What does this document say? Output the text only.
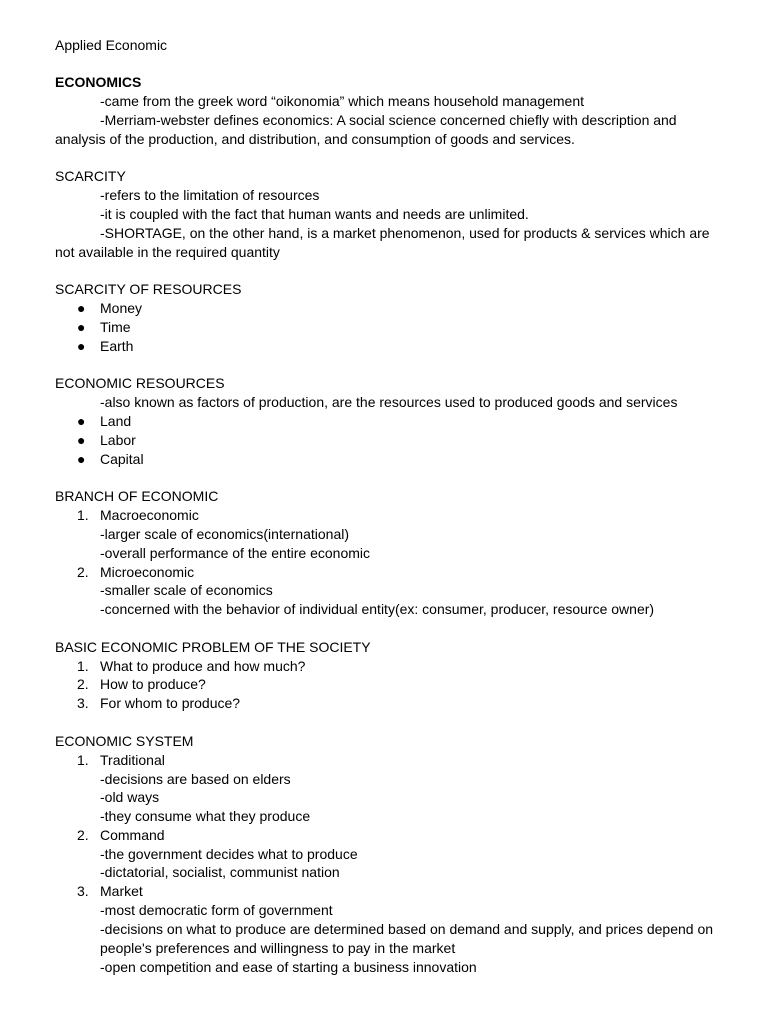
Applied Economic
ECONOMICS
-came from the greek word “oikonomia” which means household management
-Merriam-webster defines economics: A social science concerned chiefly with description and
analysis of the production, and distribution, and consumption of goods and services.
SCARCITY
-refers to the limitation of resources
-it is coupled with the fact that human wants and needs are unlimited.
-SHORTAGE, on the other hand, is a market phenomenon, used for products & services which are
not available in the required quantity
SCARCITY OF RESOURCES
● Money
● Time
● Earth
ECONOMIC RESOURCES
-also known as factors of production, are the resources used to produced goods and services
● Land
● Labor
● Capital
BRANCH OF ECONOMIC
1. Macroeconomic
-larger scale of economics(international)
-overall performance of the entire economic
2. Microeconomic
-smaller scale of economics
-concerned with the behavior of individual entity(ex: consumer, producer, resource owner)
BASIC ECONOMIC PROBLEM OF THE SOCIETY
1. What to produce and how much?
2. How to produce?
3. For whom to produce?
ECONOMIC SYSTEM
1. Traditional
-decisions are based on elders
-old ways
-they consume what they produce
2. Command
-the government decides what to produce
-dictatorial, socialist, communist nation
3. Market
-most democratic form of government
-decisions on what to produce are determined based on demand and supply, and prices depend on
people's preferences and willingness to pay in the market
-open competition and ease of starting a business innovation
